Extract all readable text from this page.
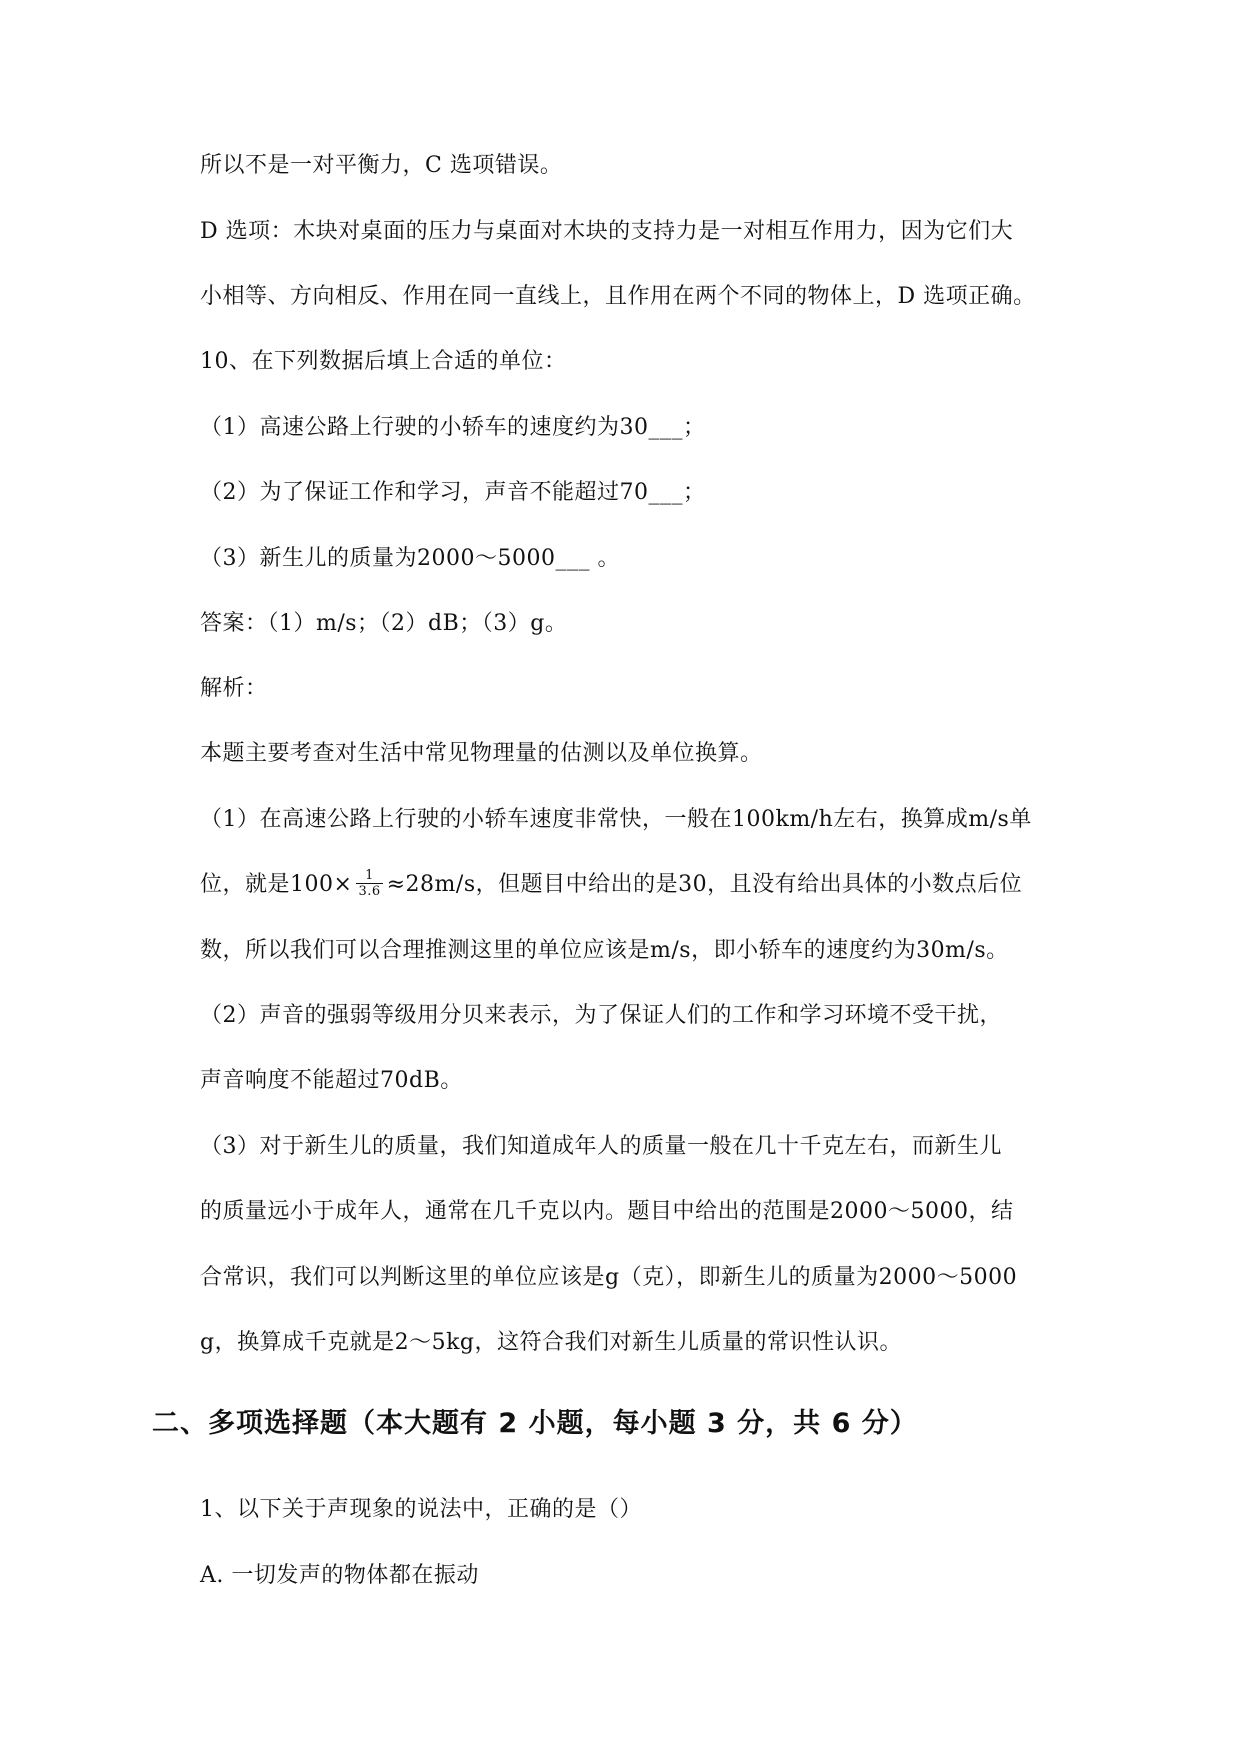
所以不是一对平衡力，C 选项错误。
D 选项：木块对桌面的压力与桌面对木块的支持力是一对相互作用力，因为它们大
小相等、方向相反、作用在同一直线上，且作用在两个不同的物体上，D 选项正确。
10、在下列数据后填上合适的单位：
（1）高速公路上行驶的小轿车的速度约为30___；
（2）为了保证工作和学习，声音不能超过70___；
（3）新生儿的质量为2000～5000___ 。
答案：（1）m/s；（2）dB；（3）g。
解析：
本题主要考查对生活中常见物理量的估测以及单位换算。
（1）在高速公路上行驶的小轿车速度非常快，一般在100km/h左右，换算成m/s单
位，就是$100\times \frac{1}{3.6} \approx 28m/s$，但题目中给出的是30，且没有给出具体的小数点后位
数，所以我们可以合理推测这里的单位应该是m/s，即小轿车的速度约为30m/s。
（2）声音的强弱等级用分贝来表示，为了保证人们的工作和学习环境不受干扰，
声音响度不能超过70dB。
（3）对于新生儿的质量，我们知道成年人的质量一般在几十千克左右，而新生儿
的质量远小于成年人，通常在几千克以内。题目中给出的范围是2000～5000，结
合常识，我们可以判断这里的单位应该是g（克），即新生儿的质量为2000～5000
g，换算成千克就是2～5kg，这符合我们对新生儿质量的常识性认识。
二、多项选择题（本大题有 2 小题，每小题 3 分，共 6 分）
1、以下关于声现象的说法中，正确的是（）
A. 一切发声的物体都在振动
